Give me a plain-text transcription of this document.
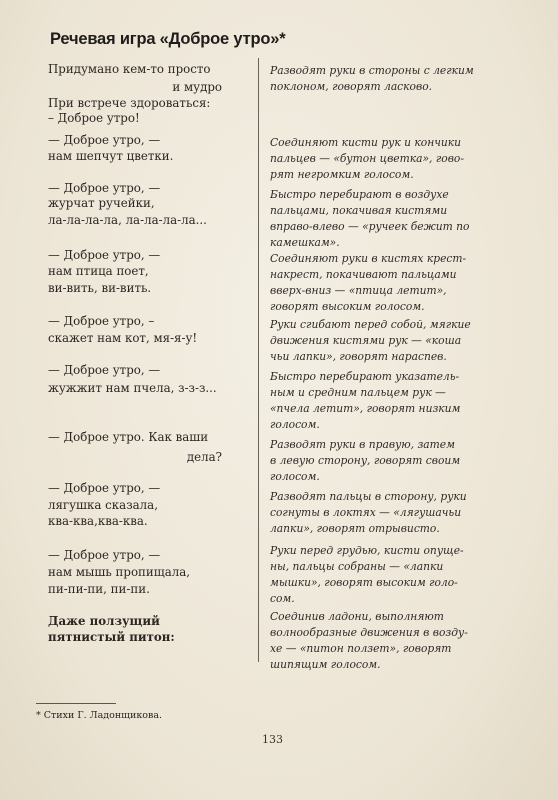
Речевая игра «Доброе утро»*
Придумано кем-то просто
и мудро
При встрече здороваться:
– Доброе утро!
— Доброе утро, —
нам шепчут цветки.
— Доброе утро, —
журчат ручейки,
ла-ла-ла-ла, ла-ла-ла-ла...
— Доброе утро, —
нам птица поет,
ви-вить, ви-вить.
— Доброе утро, –
скажет нам кот, мя-я-у!
— Доброе утро, —
жужжит нам пчела, з-з-з...
— Доброе утро. Как ваши
дела?
— Доброе утро, —
лягушка сказала,
ква-ква,ква-ква.
— Доброе утро, —
нам мышь пропищала,
пи-пи-пи, пи-пи.
Даже ползущий
пятнистый питон:
Разводят руки в стороны с легким
поклоном, говорят ласково.
Соединяют кисти рук и кончики
пальцев — «бутон цветка», гово-
рят негромким голосом.
Быстро перебирают в воздухе
пальцами, покачивая кистями
вправо-влево — «ручеек бежит по
камешкам».
Соединяют руки в кистях крест-
накрест, покачивают пальцами
вверх-вниз — «птица летит»,
говорят высоким голосом.
Руки сгибают перед собой, мягкие
движения кистями рук — «коша
чьи лапки», говорят нараспев.
Быстро перебирают указатель-
ным и средним пальцем рук —
«пчела летит», говорят низким
голосом.
Разводят руки в правую, затем
в левую сторону, говорят своим
голосом.
Разводят пальцы в сторону, руки
согнуты в локтях — «лягушачьи
лапки», говорят отрывисто.
Руки перед грудью, кисти опуще-
ны, пальцы собраны — «лапки
мышки», говорят высоким голо-
сом.
Соединив ладони, выполняют
волнообразные движения в возду-
хе — «питон ползет», говорят
шипящим голосом.
* Стихи Г. Ладонщикова.
133
